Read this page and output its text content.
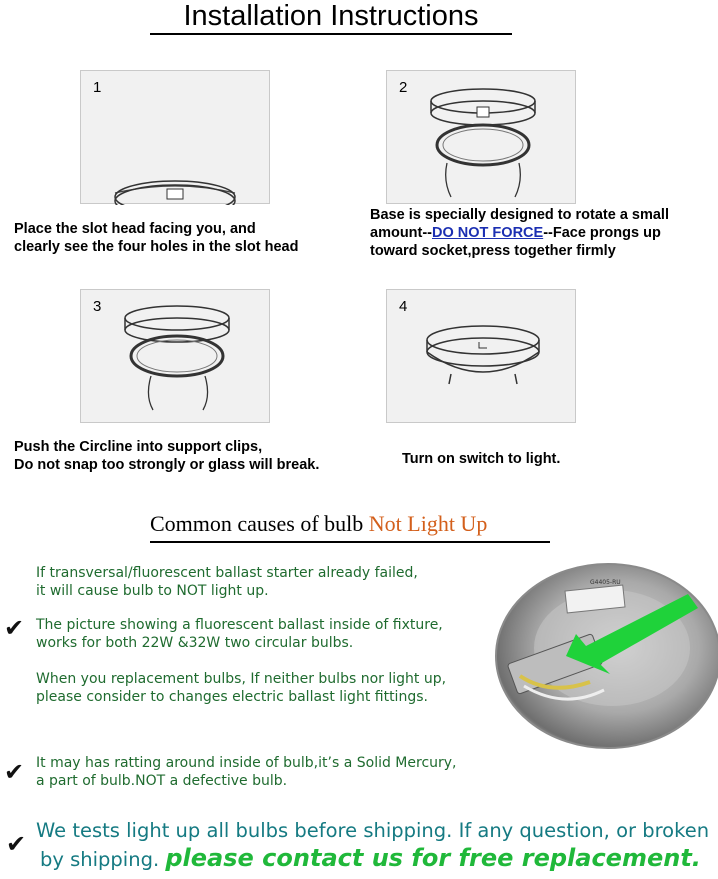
Installation Instructions
1
Place the slot head facing you, and
clearly see the four holes in the slot head
2
Base is specially designed to rotate a small
amount--DO NOT FORCE--Face prongs up
toward socket,press together firmly
3
Push the Circline into support clips,
Do not snap too strongly or glass will break.
4
Turn on switch to light.
Common causes of bulb Not Light Up
If transversal/fluorescent ballast starter already failed,
it will cause bulb to NOT light up.
✔ The picture showing a fluorescent ballast inside of fixture,
works for both 22W &32W two circular bulbs.
When you replacement bulbs, If neither bulbs nor light up,
please consider to changes electric ballast light fittings.
✔ It may has ratting around inside of bulb,it’s a Solid Mercury,
a part of bulb.NOT a defective bulb.
G4405-RU
✔ We tests light up all bulbs before shipping. If any question, or broken
by shipping. please contact us for free replacement.
